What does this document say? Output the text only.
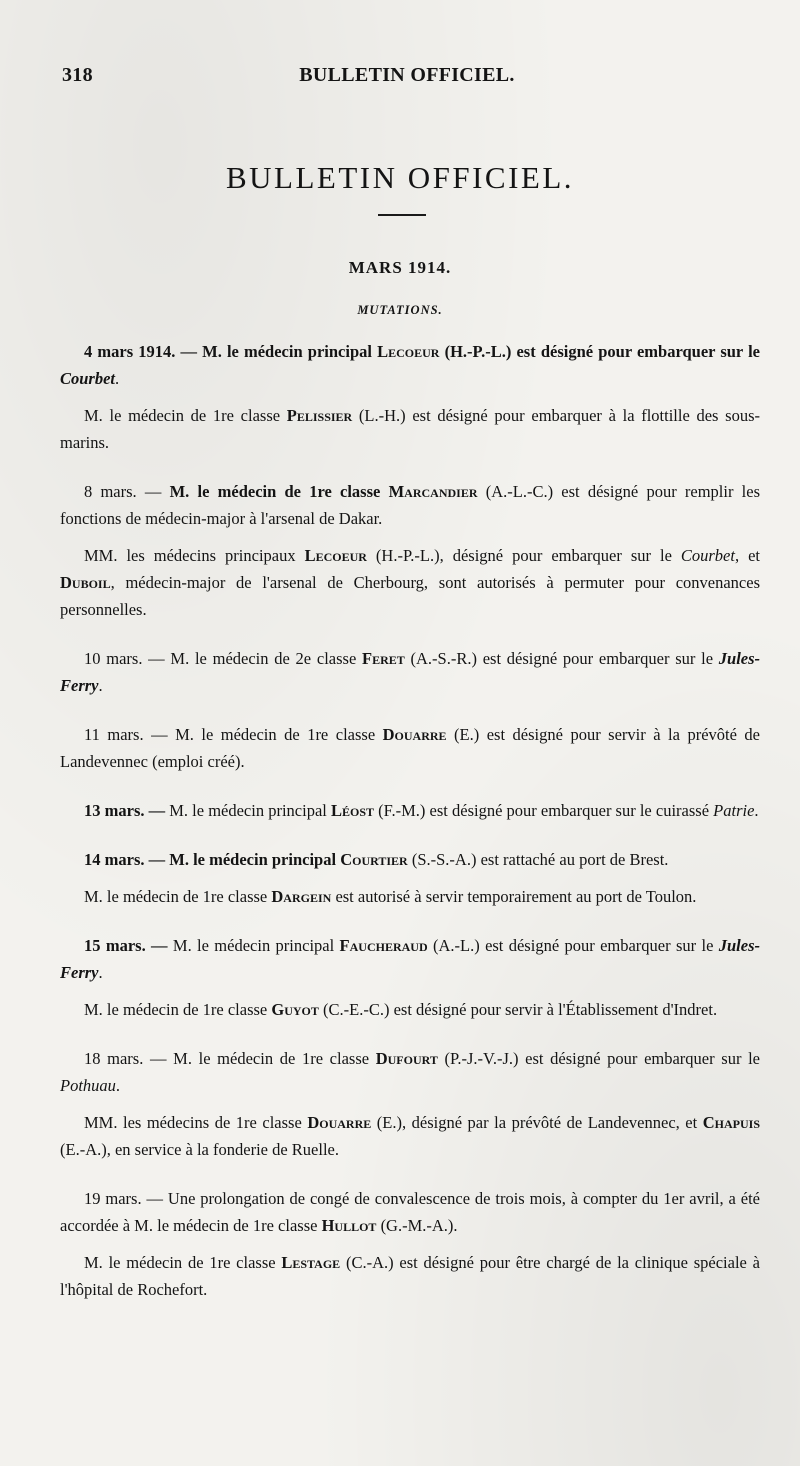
318	BULLETIN OFFICIEL.
BULLETIN OFFICIEL.
MARS 1914.
MUTATIONS.

4 mars 1914. — M. le médecin principal Lecoeur (H.-P.-L.) est désigné pour embarquer sur le Courbet.

M. le médecin de 1re classe Pelissier (L.-H.) est désigné pour embarquer à la flottille des sous-marins.

8 mars. — M. le médecin de 1re classe Marcandier (A.-L.-C.) est désigné pour remplir les fonctions de médecin-major à l'arsenal de Dakar.

MM. les médecins principaux Lecoeur (H.-P.-L.), désigné pour embarquer sur le Courbet, et Duboil, médecin-major de l'arsenal de Cherbourg, sont autorisés à permuter pour convenances personnelles.

10 mars. — M. le médecin de 2e classe Feret (A.-S.-R.) est désigné pour embarquer sur le Jules-Ferry.

11 mars. — M. le médecin de 1re classe Douarre (E.) est désigné pour servir à la prévôté de Landevennec (emploi créé).

13 mars. — M. le médecin principal Léost (F.-M.) est désigné pour embarquer sur le cuirassé Patrie.

14 mars. — M. le médecin principal Courtier (S.-S.-A.) est rattaché au port de Brest.

M. le médecin de 1re classe Dargein est autorisé à servir temporairement au port de Toulon.

15 mars. — M. le médecin principal Faucheraud (A.-L.) est désigné pour embarquer sur le Jules-Ferry.

M. le médecin de 1re classe Guyot (C.-E.-C.) est désigné pour servir à l'Établissement d'Indret.

18 mars. — M. le médecin de 1re classe Dufourt (P.-J.-V.-J.) est désigné pour embarquer sur le Pothuau.

MM. les médecins de 1re classe Douarre (E.), désigné par la prévôté de Landevennec, et Chapuis (E.-A.), en service à la fonderie de Ruelle.

19 mars. — Une prolongation de congé de convalescence de trois mois, à compter du 1er avril, a été accordée à M. le médecin de 1re classe Hullot (G.-M.-A.).

M. le médecin de 1re classe Lestage (C.-A.) est désigné pour être chargé de la clinique spéciale à l'hôpital de Rochefort.
